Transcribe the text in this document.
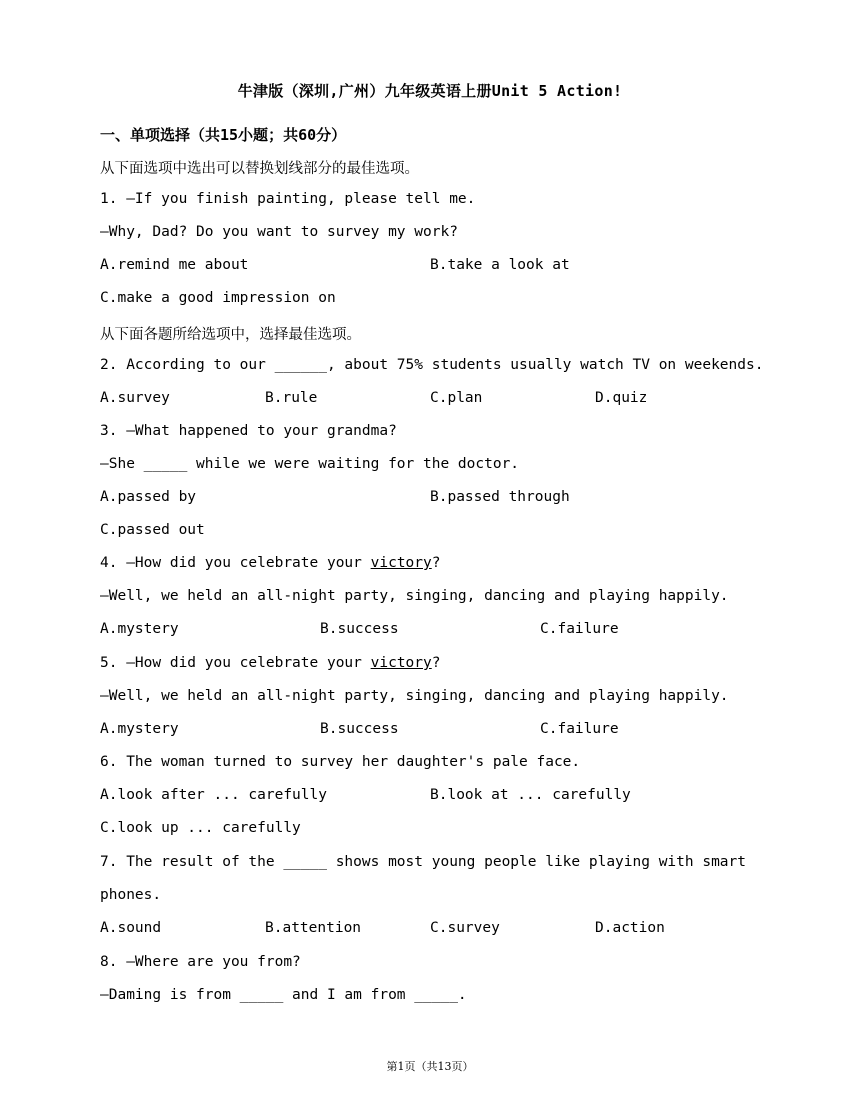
牛津版（深圳,广州）九年级英语上册Unit 5 Action!
一、单项选择（共15小题；共60分）
从下面选项中选出可以替换划线部分的最佳选项。
1. —If you finish painting, please tell me.
—Why, Dad? Do you want to survey my work?
A.remind me about	B.take a look at
C.make a good impression on
从下面各题所给选项中，选择最佳选项。
2. According to our ______, about 75% students usually watch TV on weekends.
A.survey	B.rule	C.plan	D.quiz
3. —What happened to your grandma?
—She _____ while we were waiting for the doctor.
A.passed by	B.passed through
C.passed out
4. —How did you celebrate your victory?
—Well, we held an all-night party, singing, dancing and playing happily.
A.mystery	B.success	C.failure
5. —How did you celebrate your victory?
—Well, we held an all-night party, singing, dancing and playing happily.
A.mystery	B.success	C.failure
6. The woman turned to survey her daughter's pale face.
A.look after ... carefully	B.look at ... carefully
C.look up ... carefully
7. The result of the _____ shows most young people like playing with smart
phones.
A.sound	B.attention	C.survey	D.action
8. —Where are you from?
—Daming is from _____ and I am from _____.
第1页（共13页）
